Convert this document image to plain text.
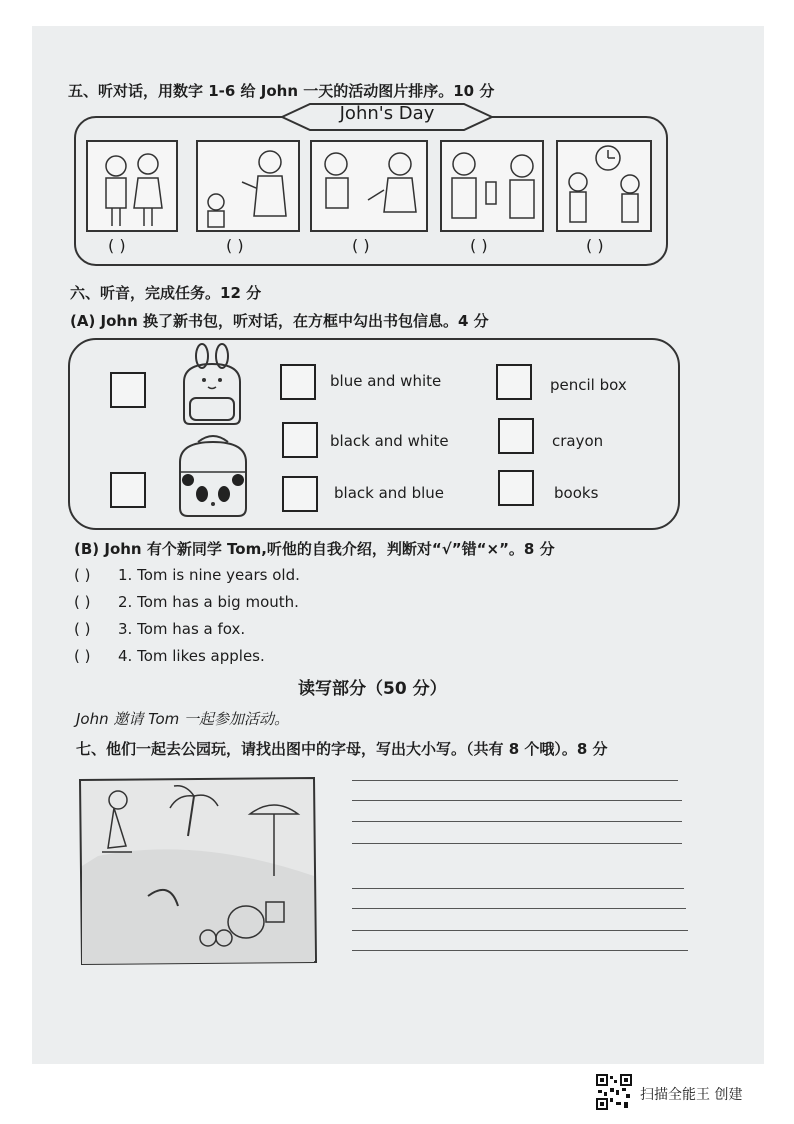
五、听对话，用数字 1-6 给 John 一天的活动图片排序。10 分
John's Day
( )	( )	( )	( )	( )
六、听音，完成任务。12 分
(A) John 换了新书包，听对话，在方框中勾出书包信息。4 分
blue and white
black and white
black and blue
pencil box
crayon
books
(B) John 有个新同学 Tom,听他的自我介绍，判断对“√”错“×”。8 分
( ) 1. Tom is nine years old.
( ) 2. Tom has a big mouth.
( ) 3. Tom has a fox.
( ) 4. Tom likes apples.
读写部分（50 分）
John 邀请 Tom 一起参加活动。
七、他们一起去公园玩，请找出图中的字母，写出大小写。（共有 8 个哦）。8 分
扫描全能王 创建
